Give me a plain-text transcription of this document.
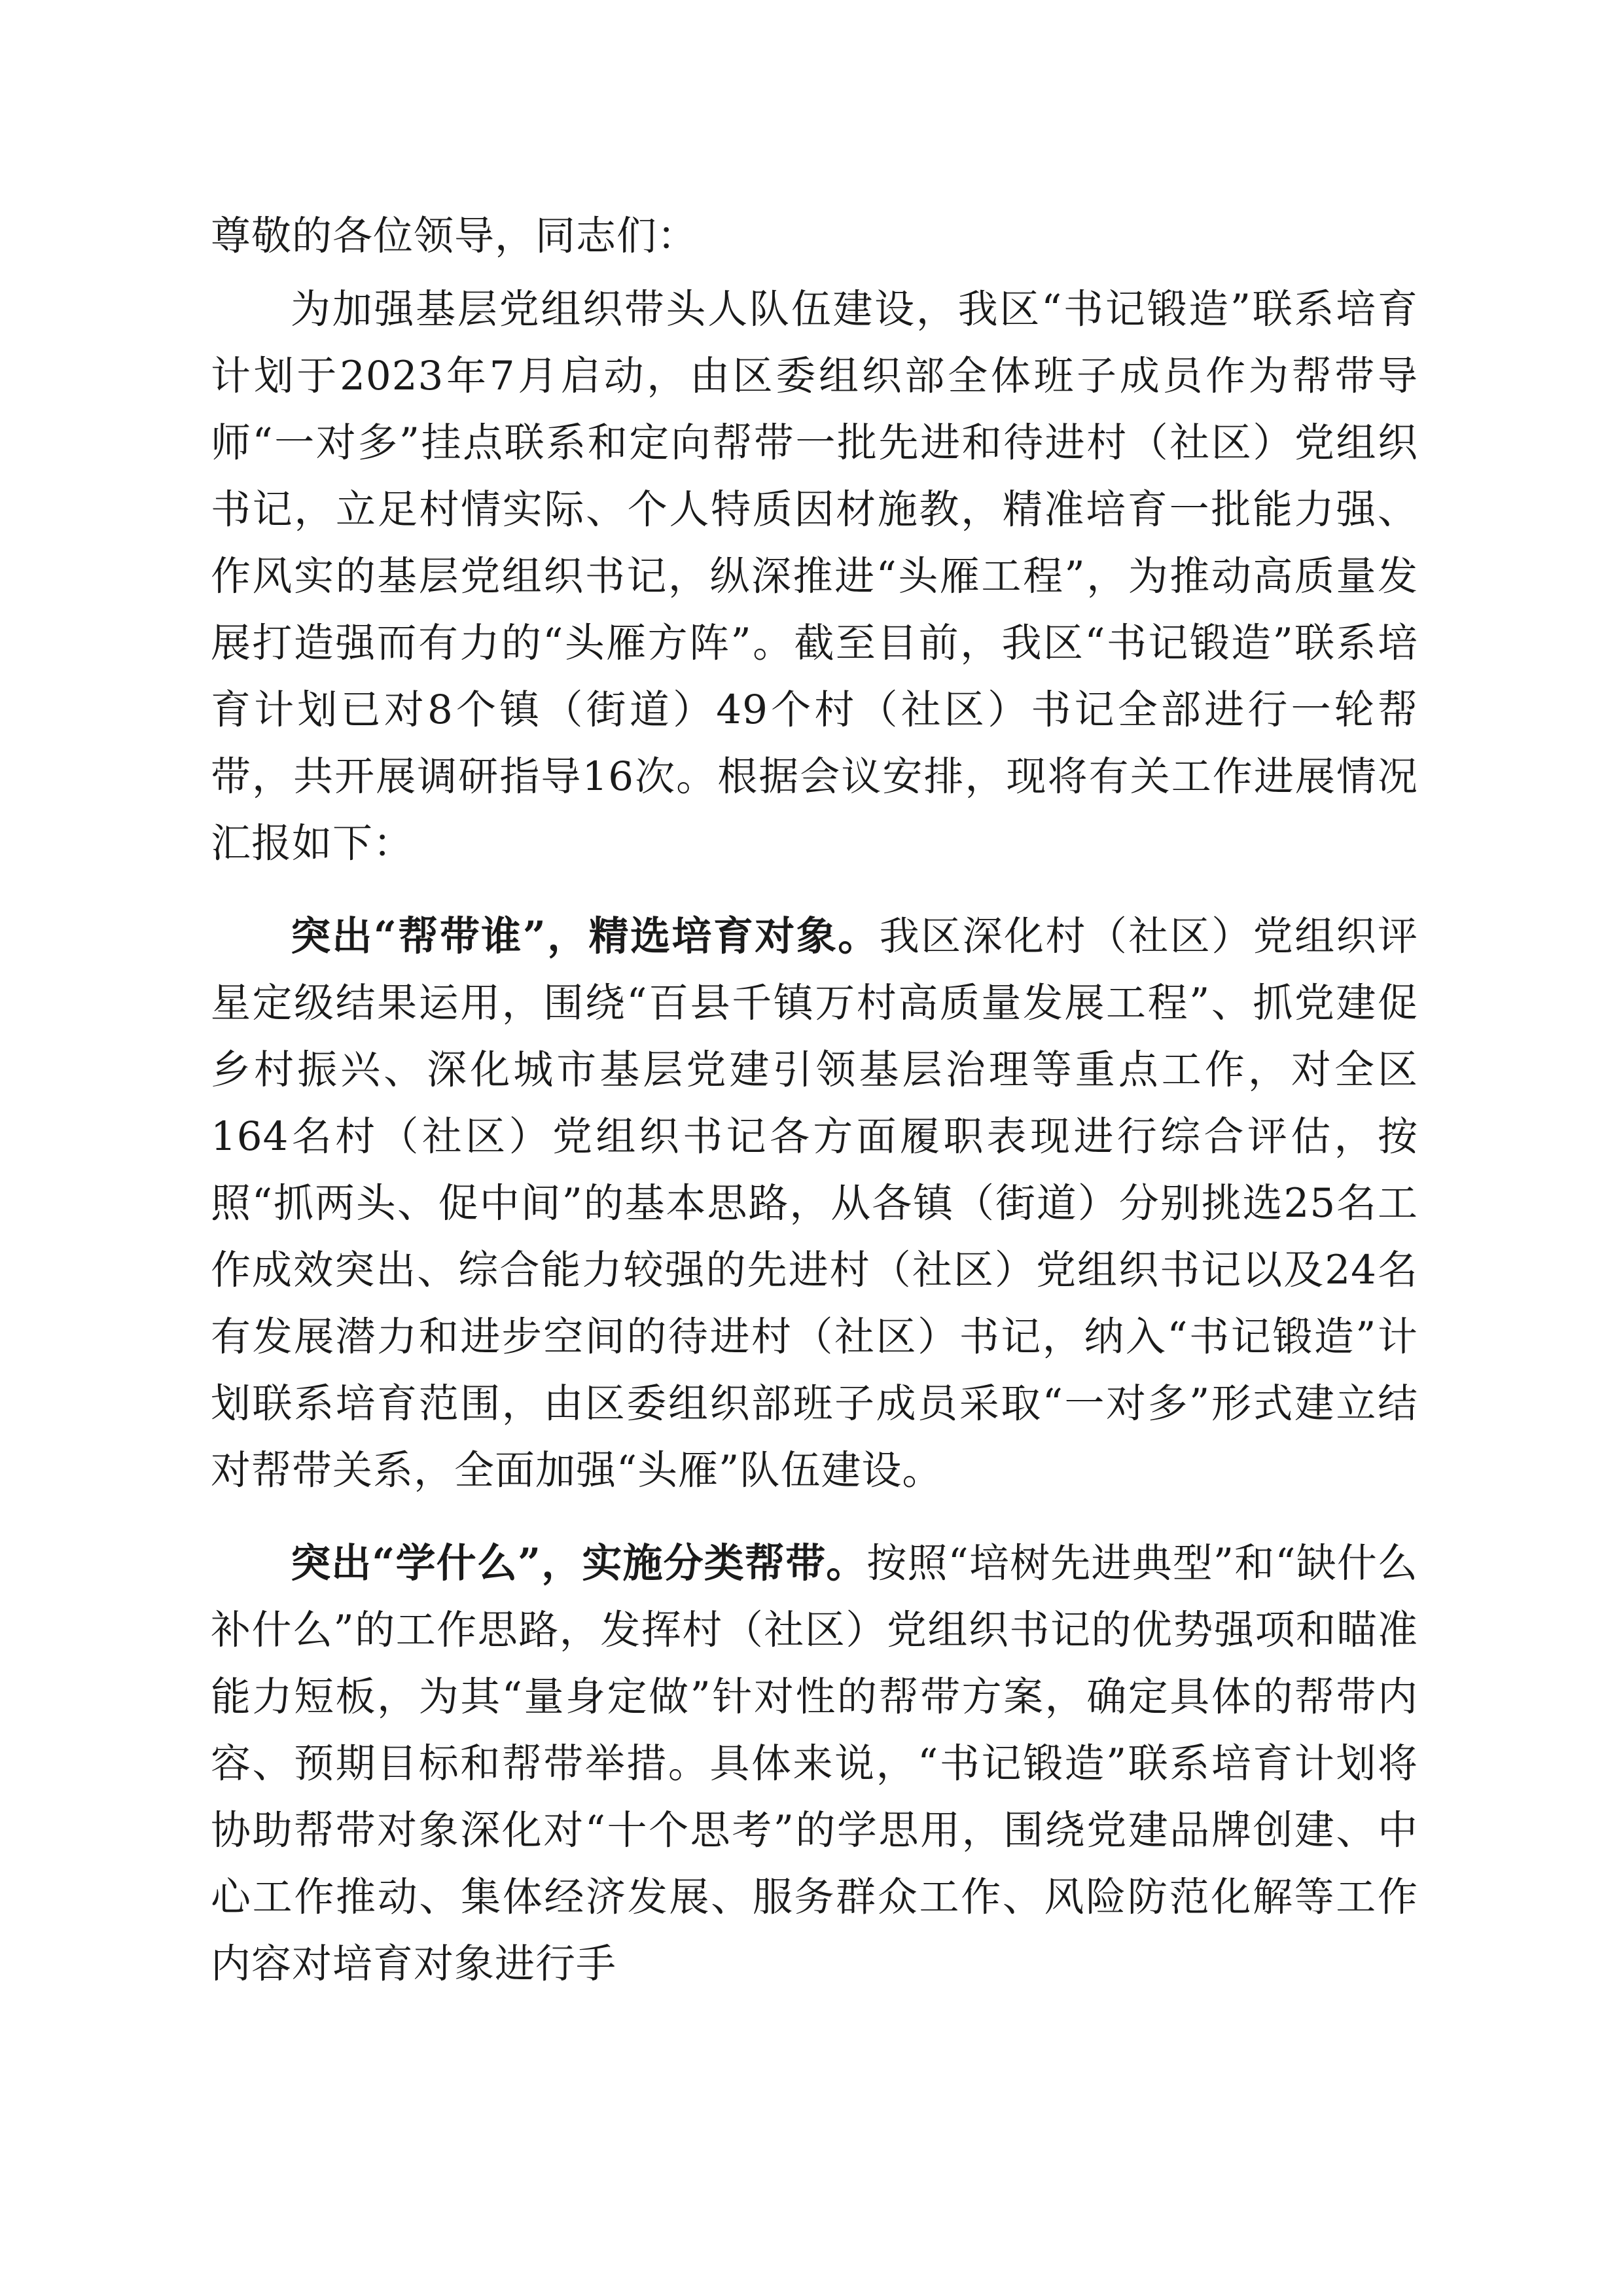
尊敬的各位领导，同志们：

为加强基层党组织带头人队伍建设，我区“书记锻造”联系培育计划于2023年7月启动，由区委组织部全体班子成员作为帮带导师“一对多”挂点联系和定向帮带一批先进和待进村（社区）党组织书记，立足村情实际、个人特质因材施教，精准培育一批能力强、作风实的基层党组织书记，纵深推进“头雁工程”，为推动高质量发展打造强而有力的“头雁方阵”。截至目前，我区“书记锻造”联系培育计划已对8个镇（街道）49个村（社区）书记全部进行一轮帮带，共开展调研指导16次。根据会议安排，现将有关工作进展情况汇报如下：

突出“帮带谁”，精选培育对象。我区深化村（社区）党组织评星定级结果运用，围绕“百县千镇万村高质量发展工程”、抓党建促乡村振兴、深化城市基层党建引领基层治理等重点工作，对全区164名村（社区）党组织书记各方面履职表现进行综合评估，按照“抓两头、促中间”的基本思路，从各镇（街道）分别挑选25名工作成效突出、综合能力较强的先进村（社区）党组织书记以及24名有发展潜力和进步空间的待进村（社区）书记，纳入“书记锻造”计划联系培育范围，由区委组织部班子成员采取“一对多”形式建立结对帮带关系，全面加强“头雁”队伍建设。

突出“学什么”，实施分类帮带。按照“培树先进典型”和“缺什么补什么”的工作思路，发挥村（社区）党组织书记的优势强项和瞄准能力短板，为其“量身定做”针对性的帮带方案，确定具体的帮带内容、预期目标和帮带举措。具体来说，“书记锻造”联系培育计划将协助帮带对象深化对“十个思考”的学思用，围绕党建品牌创建、中心工作推动、集体经济发展、服务群众工作、风险防范化解等工作内容对培育对象进行手
